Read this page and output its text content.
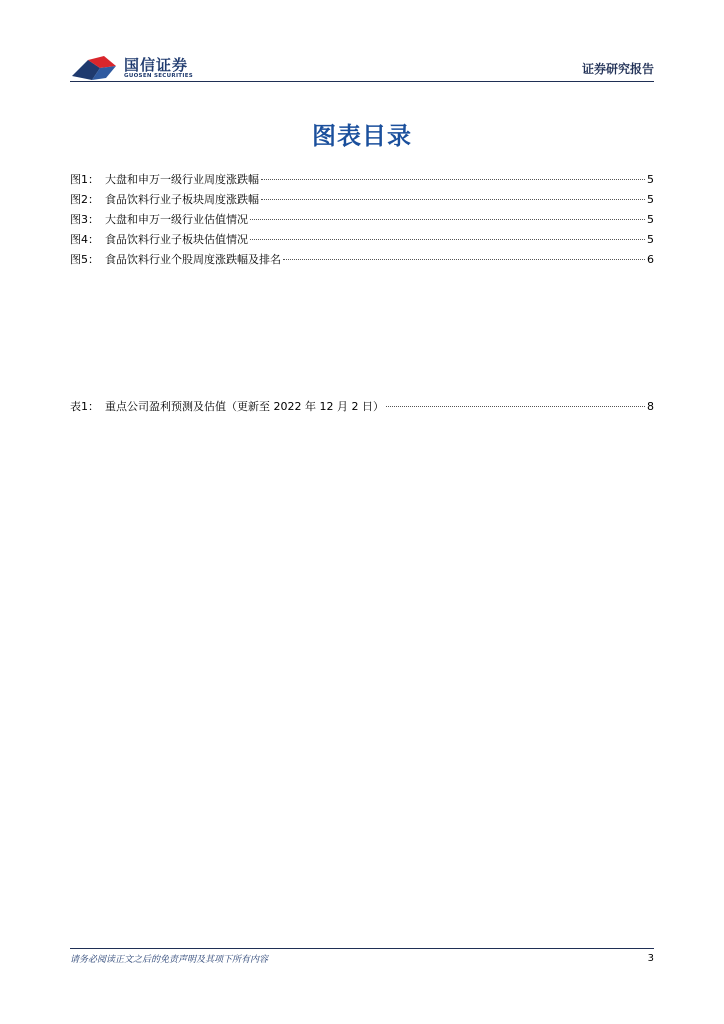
国信证券
GUOSEN SECURITIES	证券研究报告
图表目录
图1： 大盘和申万一级行业周度涨跌幅	5
图2： 食品饮料行业子板块周度涨跌幅	5
图3： 大盘和申万一级行业估值情况	5
图4： 食品饮料行业子板块估值情况	5
图5： 食品饮料行业个股周度涨跌幅及排名	6
表1： 重点公司盈利预测及估值（更新至 2022 年 12 月 2 日）	8
请务必阅读正文之后的免责声明及其项下所有内容	3
